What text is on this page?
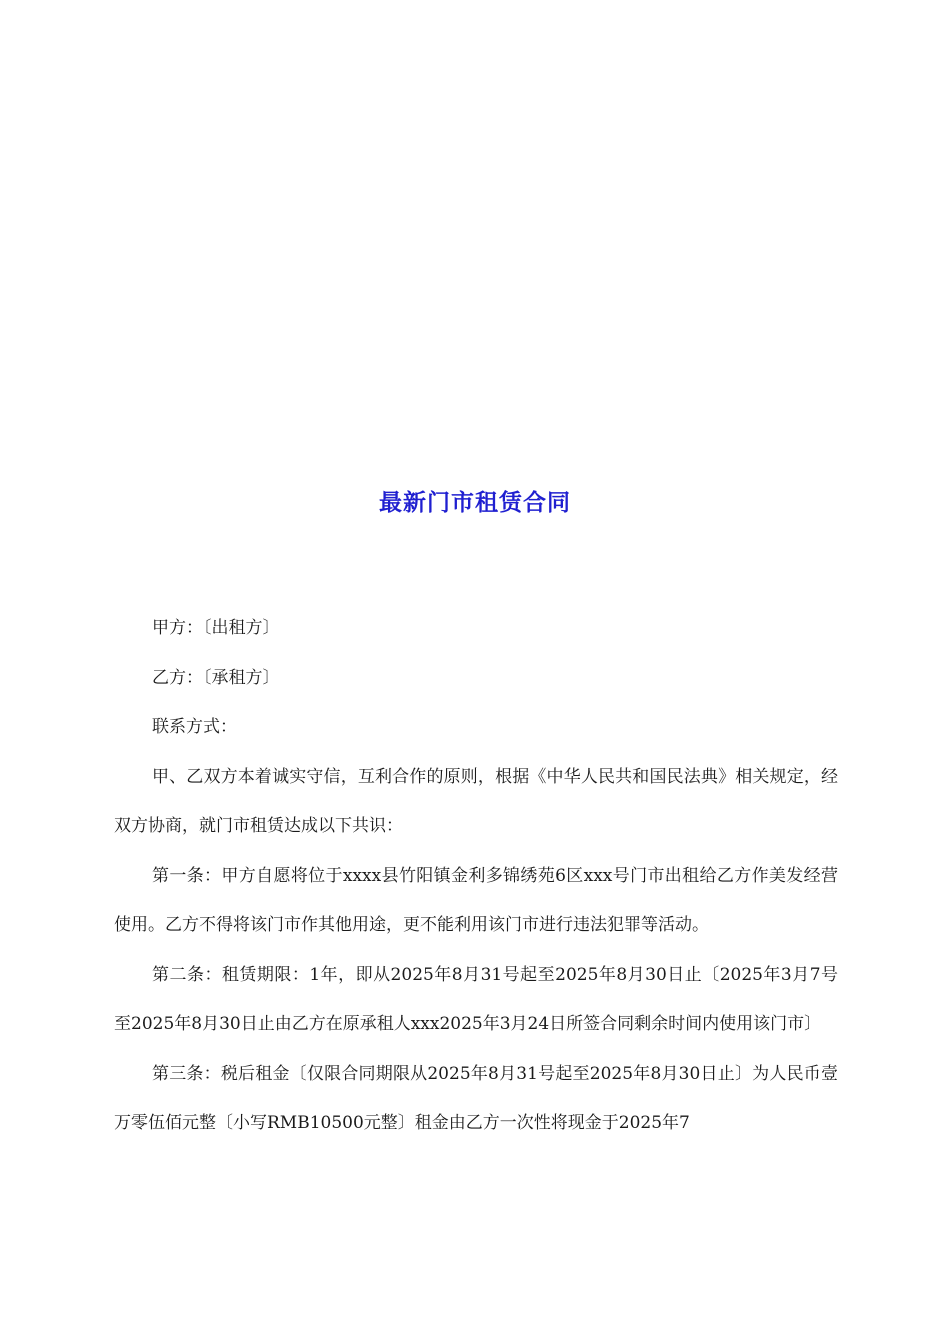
最新门市租赁合同

甲方：〔出租方〕

乙方：〔承租方〕

联系方式：

甲、乙双方本着诚实守信，互利合作的原则，根据《中华人民共和国民法典》相关规定，经双方协商，就门市租赁达成以下共识：

第一条：甲方自愿将位于xxxx县竹阳镇金利多锦绣苑6区xxx号门市出租给乙方作美发经营使用。乙方不得将该门市作其他用途，更不能利用该门市进行违法犯罪等活动。

第二条：租赁期限：1年，即从2025年8月31号起至2025年8月30日止〔2025年3月7号至2025年8月30日止由乙方在原承租人xxx2025年3月24日所签合同剩余时间内使用该门市〕

第三条：税后租金〔仅限合同期限从2025年8月31号起至2025年8月30日止〕为人民币壹万零伍佰元整〔小写RMB10500元整〕租金由乙方一次性将现金于2025年7
